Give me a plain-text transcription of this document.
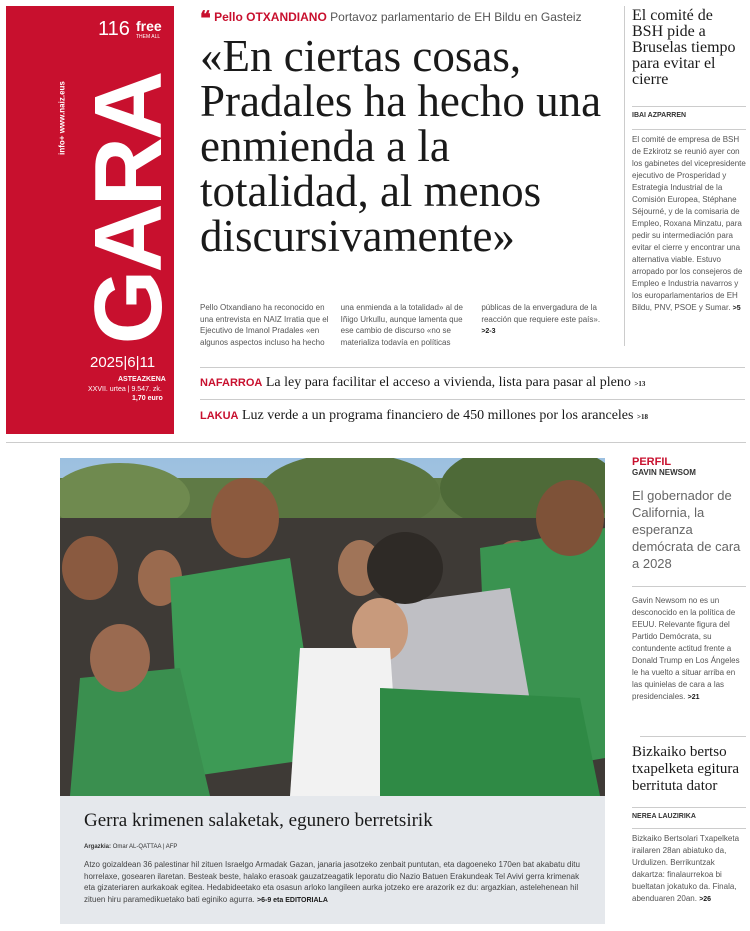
116 free
THEM ALL
info+ www.naiz.eus GARA
2025|6|11
ASTEAZKENA
XXVII. urtea | 9.547. zk.
1,70 euro
❝ Pello OTXANDIANO Portavoz parlamentario de EH Bildu en Gasteiz
«En ciertas cosas, Pradales ha hecho una enmienda a la totalidad, al menos discursivamente»
Pello Otxandiano ha reconocido en una entrevista en NAIZ Irratia que el Ejecutivo de Imanol Pradales «en algunos aspectos incluso ha hecho una enmienda a la totalidad» al de Iñigo Urkullu, aunque lamenta que ese cambio de discurso «no se materializa todavía en políticas públicas de la envergadura de la reacción que requiere este país». >2-3
El comité de BSH pide a Bruselas tiempo para evitar el cierre
IBAI AZPARREN
El comité de empresa de BSH de Ezkirotz se reunió ayer con los gabinetes del vicepresidente ejecutivo de Prosperidad y Estrategia Industrial de la Comisión Europea, Stéphane Séjourné, y de la comisaria de Empleo, Roxana Minzatu, para pedir su intermediación para evitar el cierre y encontrar una alternativa viable. Estuvo arropado por los consejeros de Empleo e Industria navarros y los europarlamentarios de EH Bildu, PNV, PSOE y Sumar. >5
NAFARROA La ley para facilitar el acceso a vivienda, lista para pasar al pleno >13
LAKUA Luz verde a un programa financiero de 450 millones por los aranceles >18
Gerra krimenen salaketak, egunero berretsirik
Argazkia: Omar AL-QATTAA | AFP
Atzo goizaldean 36 palestinar hil zituen Israelgo Armadak Gazan, janaria jasotzeko zenbait puntutan, eta dagoeneko 170en bat akabatu ditu horrelaxe, gosearen ilaretan. Besteak beste, halako erasoak gauzatzeagatik leporatu dio Nazio Batuen Erakundeak Tel Avivi gerra krimenak eta gizateriaren aurkakoak egitea. Hedabideetako eta osasun arloko langileen aurka jotzeko ere arazorik ez du: argazkian, astelehenean hil zituen hiru paramedikuetako bati eginiko agurra. >6-9 eta EDITORIALA
PERFIL
GAVIN NEWSOM
El gobernador de California, la esperanza demócrata de cara a 2028
Gavin Newsom no es un desconocido en la política de EEUU. Relevante figura del Partido Demócrata, su contundente actitud frente a Donald Trump en Los Ángeles le ha vuelto a situar arriba en las quinielas de cara a las presidenciales. >21
Bizkaiko bertso txapelketa egitura berrituta dator
NEREA LAUZIRIKA
Bizkaiko Bertsolari Txapelketa irailaren 28an abiatuko da, Urdulizen. Berrikuntzak dakartza: finalaurrekoa bi bueltatan jokatuko da. Finala, abenduaren 20an. >26
